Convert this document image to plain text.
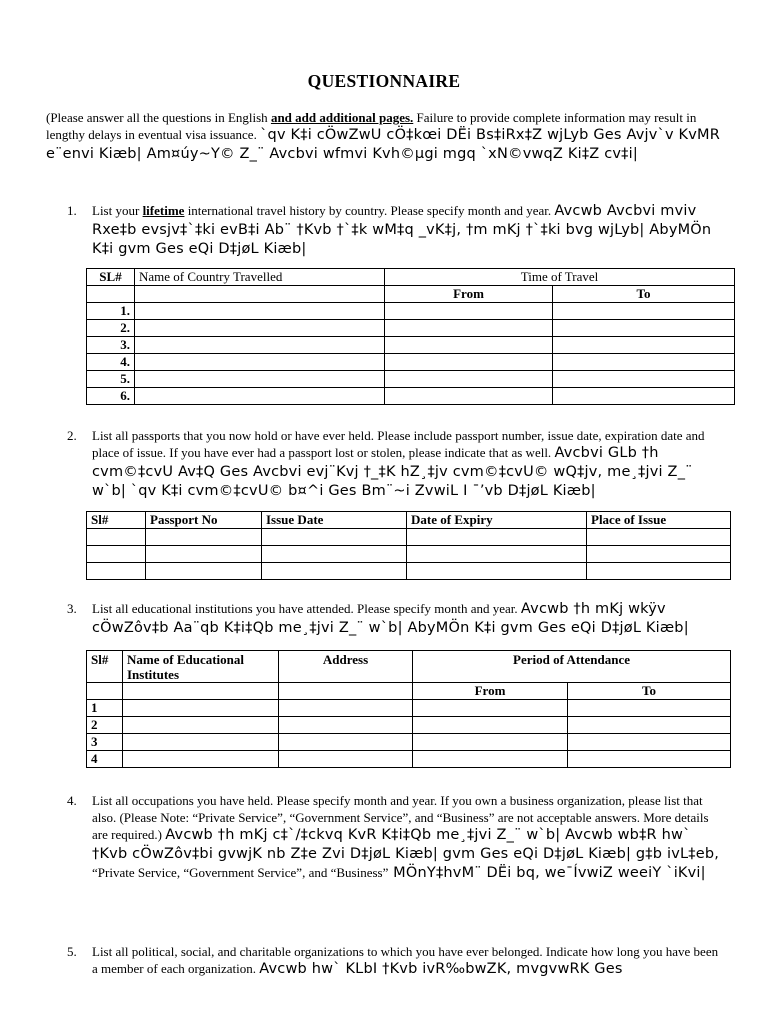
QUESTIONNAIRE
(Please answer all the questions in English and add additional pages. Failure to provide complete information may result in lengthy delays in eventual visa issuance. `qv K‡i cÖwZwU cÖ‡kœi DËi Bs‡iRx‡Z wjLyb Ges Avjv`v KvMR e¨envi Kiæb| Am¤úy~Y© Z_¨ Avcbvi wfmvi Kvh©µgi mgq `xN©vwqZ Ki‡Z cv‡i|
1. List your lifetime international travel history by country. Please specify month and year. Avcwb Avcbvi mviv Rxe‡b evsjv‡`‡ki evB‡i Ab¨ †Kvb †`‡k wM‡q _vK‡j, †m mKj †`‡ki bvg wjLyb| AbyMÖn K‡i gvm Ges eQi D‡jøL Kiæb|
SL#	Name of Country Travelled	Time of Travel	
		From	To
1.			
2.			
3.			
4.			
5.			
6.			
2. List all passports that you now hold or have ever held. Please include passport number, issue date, expiration date and place of issue. If you have ever had a passport lost or stolen, please indicate that as well. Avcbvi GLb †h cvm©‡cvU Av‡Q Ges Avcbvi evj¨Kvj †_‡K hZ¸‡jv cvm©‡cvU© wQ‡jv, me¸‡jvi Z_¨ w`b| `qv K‡i cvm©‡cvU© b¤^i Ges Bm¨~i ZvwiL I ¯’vb D‡jøL Kiæb|
Sl#	Passport No	Issue Date	Date of Expiry	Place of Issue

3. List all educational institutions you have attended. Please specify month and year. Avcwb †h mKj wkÿv cÖwZôv‡b Aa¨qb K‡i‡Qb me¸‡jvi Z_¨ w`b| AbyMÖn K‡i gvm Ges eQi D‡jøL Kiæb|
Sl#	Name of Educational Institutes	Address	Period of Attendance	
			From	To
1				
2				
3				
4				
4. List all occupations you have held. Please specify month and year. If you own a business organization, please list that also. (Please Note: “Private Service”, “Government Service”, and “Business” are not acceptable answers. More details are required.) Avcwb †h mKj c‡`/‡ckvq KvR K‡i‡Qb me¸‡jvi Z_¨ w`b| Avcwb wb‡R hw` †Kvb cÖwZôv‡bi gvwjK nb Z‡e Zvi D‡jøL Kiæb| gvm Ges eQi D‡jøL Kiæb| g‡b ivL‡eb, “Private Service, “Government Service”, and “Business” MÖnY‡hvM¨ DËi bq, we¯ÍvwiZ weeiY `iKvi|
5. List all political, social, and charitable organizations to which you have ever belonged. Indicate how long you have been a member of each organization. Avcwb hw` KLbI †Kvb ivR‰bwZK, mvgvwRK Ges
